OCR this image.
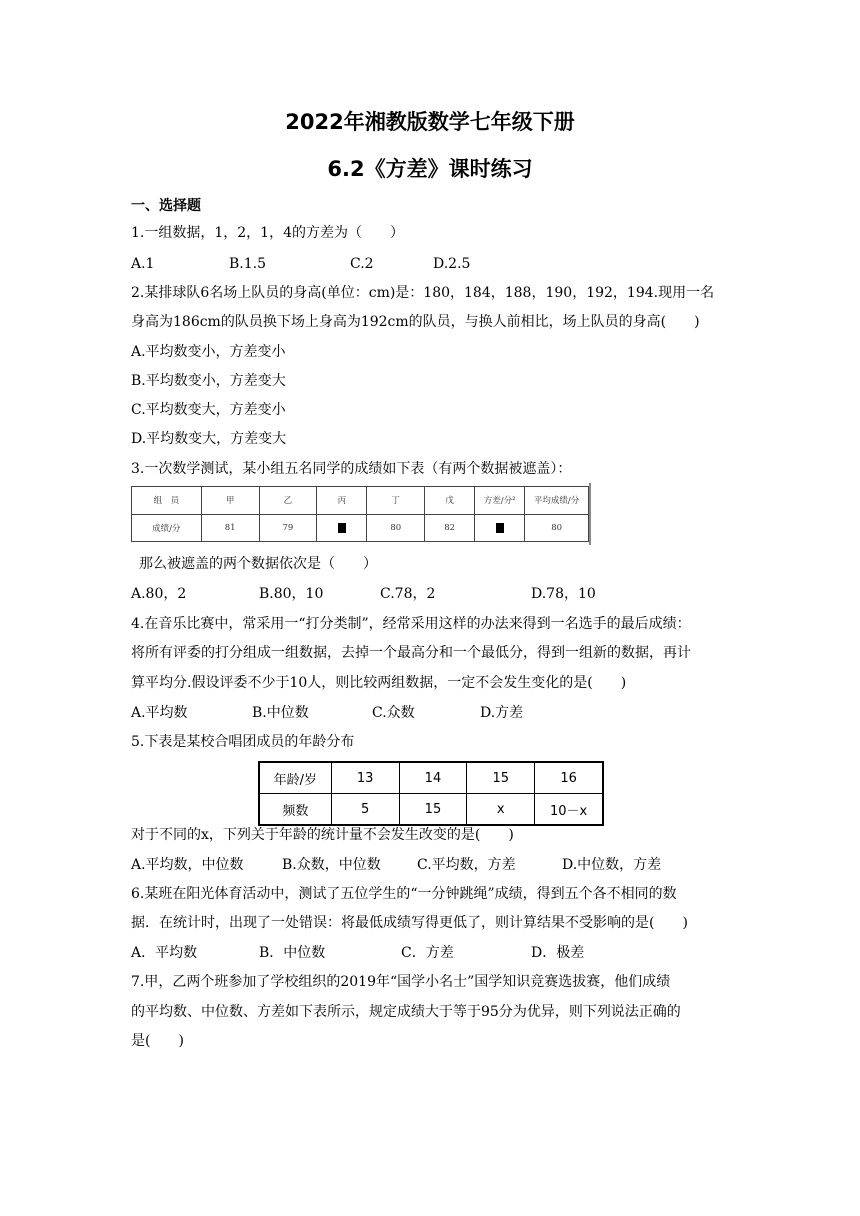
2022年湘教版数学七年级下册
6.2《方差》课时练习
一、选择题
1.一组数据，1，2，1，4的方差为（　　）
A.1	B.1.5	C.2	D.2.5
2.某排球队6名场上队员的身高(单位：cm)是：180，184，188，190，192，194.现用一名
身高为186cm的队员换下场上身高为192cm的队员，与换人前相比，场上队员的身高(　　)
A.平均数变小，方差变小
B.平均数变小，方差变大
C.平均数变大，方差变小
D.平均数变大，方差变大
3.一次数学测试，某小组五名同学的成绩如下表（有两个数据被遮盖）：
组　员	甲	乙	丙	丁	戊	方差/分²	平均成绩/分
成绩/分	81	79		80	82		80
那么被遮盖的两个数据依次是（　　）
A.80，2	B.80，10	C.78，2	D.78，10
4.在音乐比赛中，常采用一“打分类制”，经常采用这样的办法来得到一名选手的最后成绩：
将所有评委的打分组成一组数据，去掉一个最高分和一个最低分，得到一组新的数据，再计
算平均分.假设评委不少于10人，则比较两组数据，一定不会发生变化的是(　　)
A.平均数	B.中位数	C.众数	D.方差
5.下表是某校合唱团成员的年龄分布
年龄/岁	13	14	15	16
频数	5	15	x	10－x
对于不同的x，下列关于年龄的统计量不会发生改变的是(　　)
A.平均数，中位数	B.众数，中位数	C.平均数，方差	D.中位数，方差
6.某班在阳光体育活动中，测试了五位学生的“一分钟跳绳”成绩，得到五个各不相同的数
据．在统计时，出现了一处错误：将最低成绩写得更低了，则计算结果不受影响的是(　　)
A．平均数	B．中位数	C．方差	D．极差
7.甲，乙两个班参加了学校组织的2019年“国学小名士”国学知识竞赛选拔赛，他们成绩
的平均数、中位数、方差如下表所示，规定成绩大于等于95分为优异，则下列说法正确的
是(　　)
